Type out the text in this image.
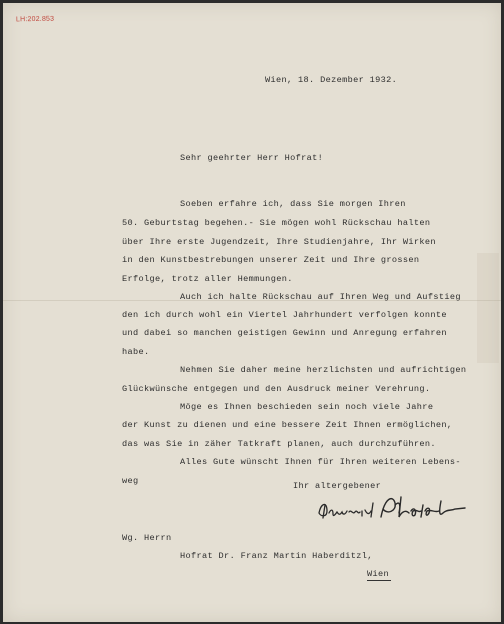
LH:202.853
Wien, 18. Dezember 1932.
Sehr geehrter Herr Hofrat!
Soeben erfahre ich, dass Sie morgen Ihren
50. Geburtstag begehen.- Sie mögen wohl Rückschau halten
über Ihre erste Jugendzeit, Ihre Studienjahre, Ihr Wirken
in den Kunstbestrebungen unserer Zeit und Ihre grossen
Erfolge, trotz aller Hemmungen.
Auch ich halte Rückschau auf Ihren Weg und Aufstieg
den ich durch wohl ein Viertel Jahrhundert verfolgen konnte
und dabei so manchen geistigen Gewinn und Anregung erfahren
habe.
Nehmen Sie daher meine herzlichsten und aufrichtigen
Glückwünsche entgegen und den Ausdruck meiner Verehrung.
Möge es Ihnen beschieden sein noch viele Jahre
der Kunst zu dienen und eine bessere Zeit Ihnen ermöglichen,
das was Sie in zäher Tatkraft planen, auch durchzuführen.
Alles Gute wünscht Ihnen für Ihren weiteren Lebens-
weg	Ihr altergebener
Wg. Herrn
Hofrat Dr. Franz Martin Haberditzl,
Wien
